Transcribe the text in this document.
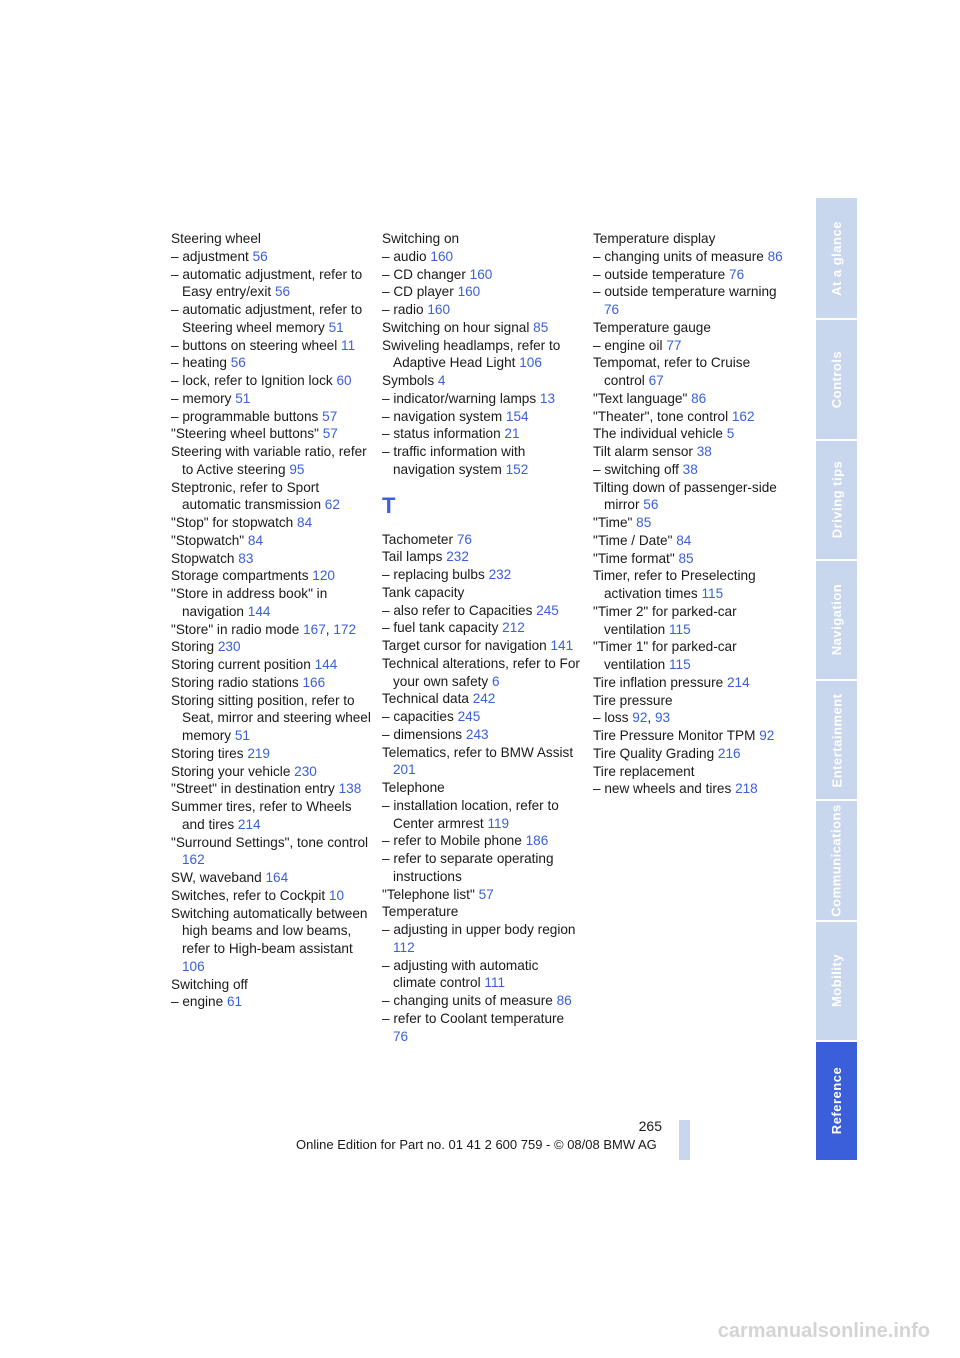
Steering wheel
– adjustment 56
– automatic adjustment, refer to Easy entry/exit 56
– automatic adjustment, refer to Steering wheel memory 51
– buttons on steering wheel 11
– heating 56
– lock, refer to Ignition lock 60
– memory 51
– programmable buttons 57
"Steering wheel buttons" 57
Steering with variable ratio, refer to Active steering 95
Steptronic, refer to Sport automatic transmission 62
"Stop" for stopwatch 84
"Stopwatch" 84
Stopwatch 83
Storage compartments 120
"Store in address book" in navigation 144
"Store" in radio mode 167, 172
Storing 230
Storing current position 144
Storing radio stations 166
Storing sitting position, refer to Seat, mirror and steering wheel memory 51
Storing tires 219
Storing your vehicle 230
"Street" in destination entry 138
Summer tires, refer to Wheels and tires 214
"Surround Settings", tone control 162
SW, waveband 164
Switches, refer to Cockpit 10
Switching automatically between high beams and low beams, refer to High-beam assistant 106
Switching off
– engine 61
Switching on
– audio 160
– CD changer 160
– CD player 160
– radio 160
Switching on hour signal 85
Swiveling headlamps, refer to Adaptive Head Light 106
Symbols 4
– indicator/warning lamps 13
– navigation system 154
– status information 21
– traffic information with navigation system 152
T
Tachometer 76
Tail lamps 232
– replacing bulbs 232
Tank capacity
– also refer to Capacities 245
– fuel tank capacity 212
Target cursor for navigation 141
Technical alterations, refer to For your own safety 6
Technical data 242
– capacities 245
– dimensions 243
Telematics, refer to BMW Assist 201
Telephone
– installation location, refer to Center armrest 119
– refer to Mobile phone 186
– refer to separate operating instructions
"Telephone list" 57
Temperature
– adjusting in upper body region 112
– adjusting with automatic climate control 111
– changing units of measure 86
– refer to Coolant temperature 76
Temperature display
– changing units of measure 86
– outside temperature 76
– outside temperature warning 76
Temperature gauge
– engine oil 77
Tempomat, refer to Cruise control 67
"Text language" 86
"Theater", tone control 162
The individual vehicle 5
Tilt alarm sensor 38
– switching off 38
Tilting down of passenger-side mirror 56
"Time" 85
"Time / Date" 84
"Time format" 85
Timer, refer to Preselecting activation times 115
"Timer 2" for parked-car ventilation 115
"Timer 1" for parked-car ventilation 115
Tire inflation pressure 214
Tire pressure
– loss 92, 93
Tire Pressure Monitor TPM 92
Tire Quality Grading 216
Tire replacement
– new wheels and tires 218
At a glance
Controls
Driving tips
Navigation
Entertainment
Communications
Mobility
Reference
265
Online Edition for Part no. 01 41 2 600 759 - © 08/08 BMW AG
carmanualsonline.info
